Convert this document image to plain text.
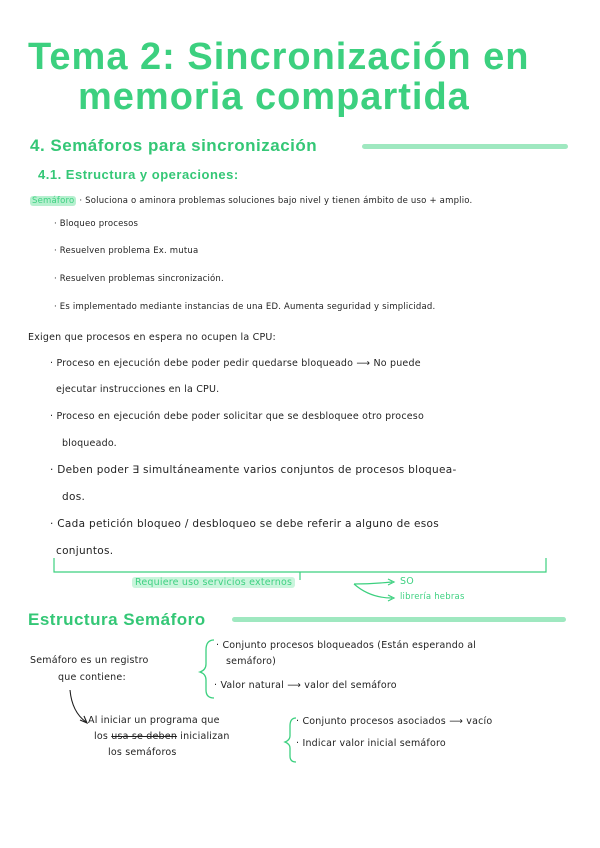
Tema 2: Sincronización en
memoria compartida
4. Semáforos para sincronización
4.1. Estructura y operaciones:
Semáforo · Soluciona o aminora problemas soluciones bajo nivel y tienen ámbito de uso + amplio.
· Bloqueo procesos
· Resuelven problema Ex. mutua
· Resuelven problemas sincronización.
· Es implementado mediante instancias de una ED. Aumenta seguridad y simplicidad.
Exigen que procesos en espera no ocupen la CPU:
· Proceso en ejecución debe poder pedir quedarse bloqueado ⟶ No puede
ejecutar instrucciones en la CPU.
· Proceso en ejecución debe poder solicitar que se desbloquee otro proceso
bloqueado.
· Deben poder ∃ simultáneamente varios conjuntos de procesos bloquea-
dos.
· Cada petición bloqueo / desbloqueo se debe referir a alguno de esos
conjuntos.
Requiere uso servicios externos	SO
librería hebras
Estructura Semáforo
Semáforo es un registro
que contiene:
· Conjunto procesos bloqueados (Están esperando al
semáforo)
· Valor natural ⟶ valor del semáforo
Al iniciar un programa que
los usa se deben inicializan
los semáforos
· Conjunto procesos asociados ⟶ vacío
· Indicar valor inicial semáforo
